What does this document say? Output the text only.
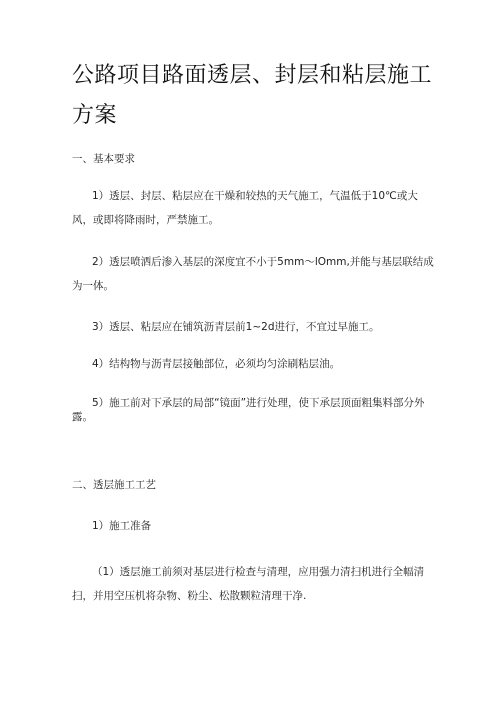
公路项目路面透层、封层和粘层施工方案

一、基本要求

1）透层、封层、粘层应在干燥和较热的天气施工，气温低于10℃或大风，或即将降雨时，严禁施工。

2）透层喷洒后渗入基层的深度宜不小于5mm～lOmm,并能与基层联结成为一体。

3）透层、粘层应在铺筑沥青层前1~2d进行，不宜过早施工。

4）结构物与沥青层接触部位，必须均匀涂刷粘层油。

5）施工前对下承层的局部“镜面”进行处理，使下承层顶面粗集料部分外露。

二、透层施工工艺

1）施工准备

（1）透层施工前须对基层进行检查与清理，应用强力清扫机进行全幅清扫，并用空压机将杂物、粉尘、松散颗粒清理干净.
